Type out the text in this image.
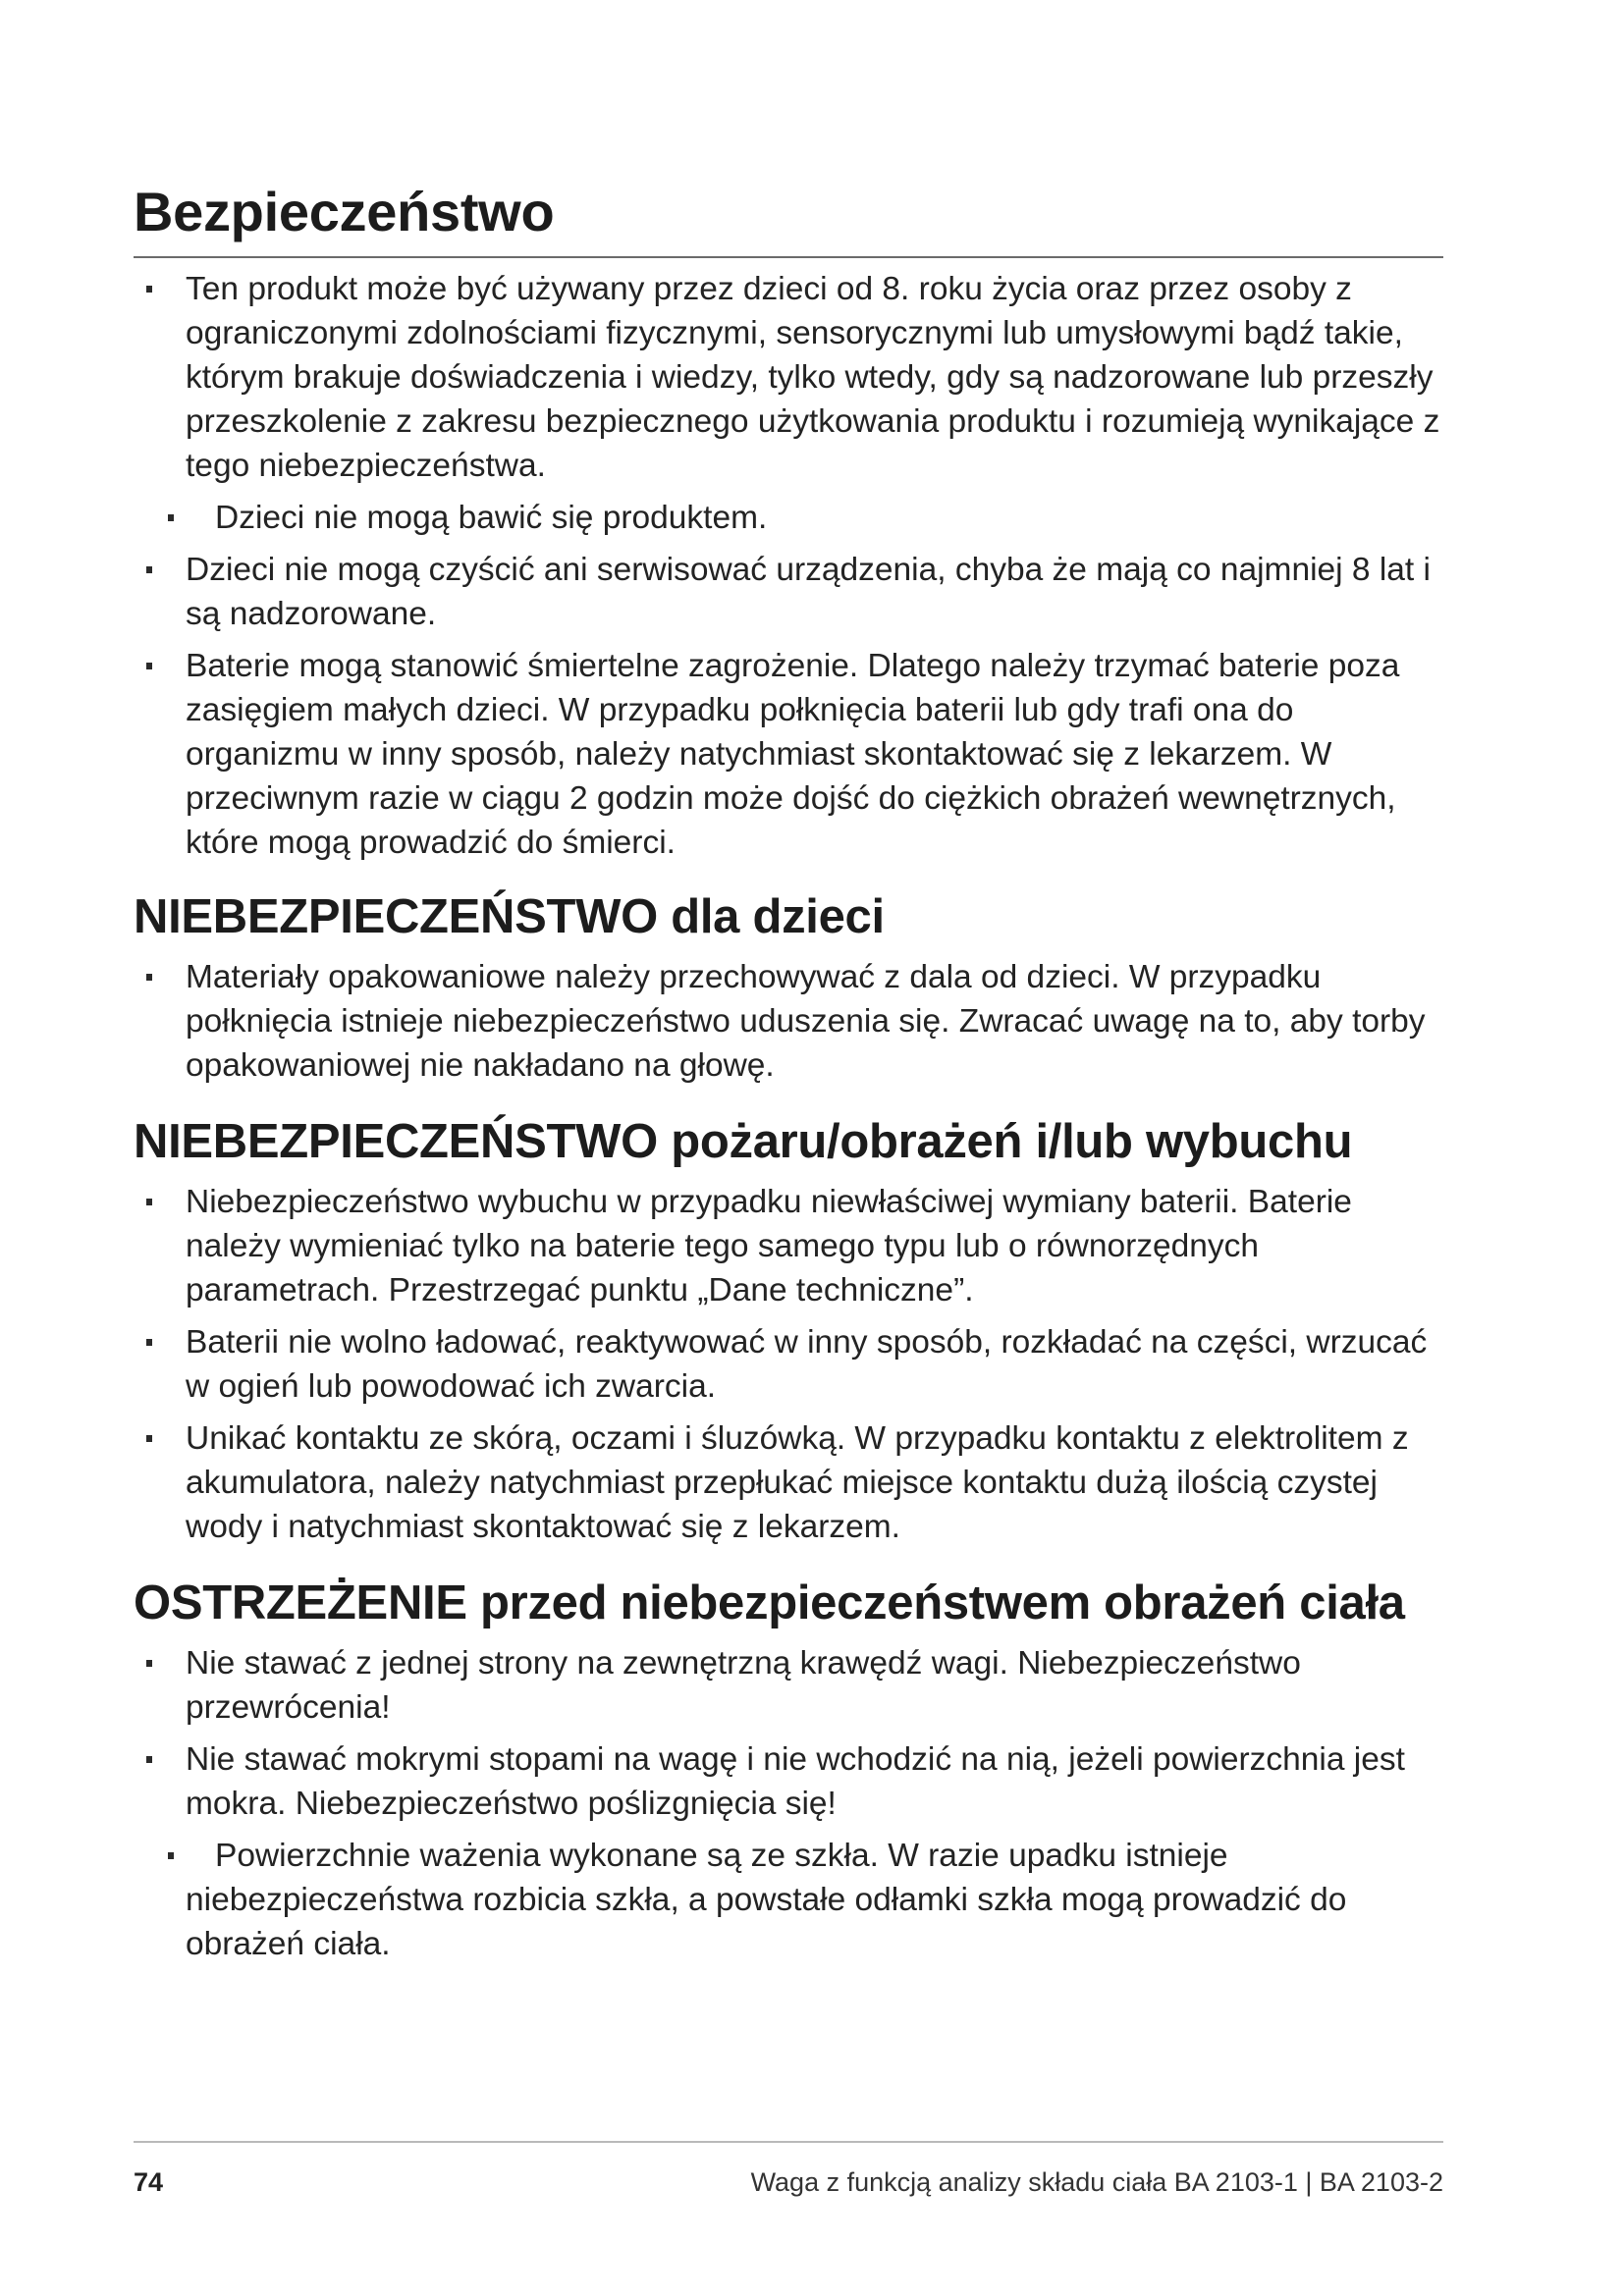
Bezpieczeństwo
Ten produkt może być używany przez dzieci od 8. roku życia oraz przez osoby z ograniczonymi zdolnościami fizycznymi, sensorycznymi lub umysłowymi bądź takie, którym brakuje doświadczenia i wiedzy, tylko wtedy, gdy są nadzorowane lub przeszły przeszkolenie z zakresu bezpiecznego użytkowania produktu i rozumieją wynikające z tego niebezpieczeństwa.
Dzieci nie mogą bawić się produktem.
Dzieci nie mogą czyścić ani serwisować urządzenia, chyba że mają co najmniej 8 lat i są nadzorowane.
Baterie mogą stanowić śmiertelne zagrożenie. Dlatego należy trzymać baterie poza zasięgiem małych dzieci. W przypadku połknięcia baterii lub gdy trafi ona do organizmu w inny sposób, należy natychmiast skontaktować się z lekarzem. W przeciwnym razie w ciągu 2 godzin może dojść do ciężkich obrażeń wewnętrznych, które mogą prowadzić do śmierci.
NIEBEZPIECZEŃSTWO dla dzieci
Materiały opakowaniowe należy przechowywać z dala od dzieci. W przypadku połknięcia istnieje niebezpieczeństwo uduszenia się. Zwracać uwagę na to, aby torby opakowaniowej nie nakładano na głowę.
NIEBEZPIECZEŃSTWO pożaru/obrażeń i/lub wybuchu
Niebezpieczeństwo wybuchu w przypadku niewłaściwej wymiany baterii. Baterie należy wymieniać tylko na baterie tego samego typu lub o równorzędnych parametrach. Przestrzegać punktu „Dane techniczne”.
Baterii nie wolno ładować, reaktywować w inny sposób, rozkładać na części, wrzucać w ogień lub powodować ich zwarcia.
Unikać kontaktu ze skórą, oczami i śluzówką. W przypadku kontaktu z elektrolitem z akumulatora, należy natychmiast przepłukać miejsce kontaktu dużą ilością czystej wody i natychmiast skontaktować się z lekarzem.
OSTRZEŻENIE przed niebezpieczeństwem obrażeń ciała
Nie stawać z jednej strony na zewnętrzną krawędź wagi. Niebezpieczeństwo przewrócenia!
Nie stawać mokrymi stopami na wagę i nie wchodzić na nią, jeżeli powierzchnia jest mokra. Niebezpieczeństwo poślizgnięcia się!
Powierzchnie ważenia wykonane są ze szkła. W razie upadku istnieje niebezpieczeństwa rozbicia szkła, a powstałe odłamki szkła mogą prowadzić do obrażeń ciała.
74	Waga z funkcją analizy składu ciała BA 2103-1 | BA 2103-2
